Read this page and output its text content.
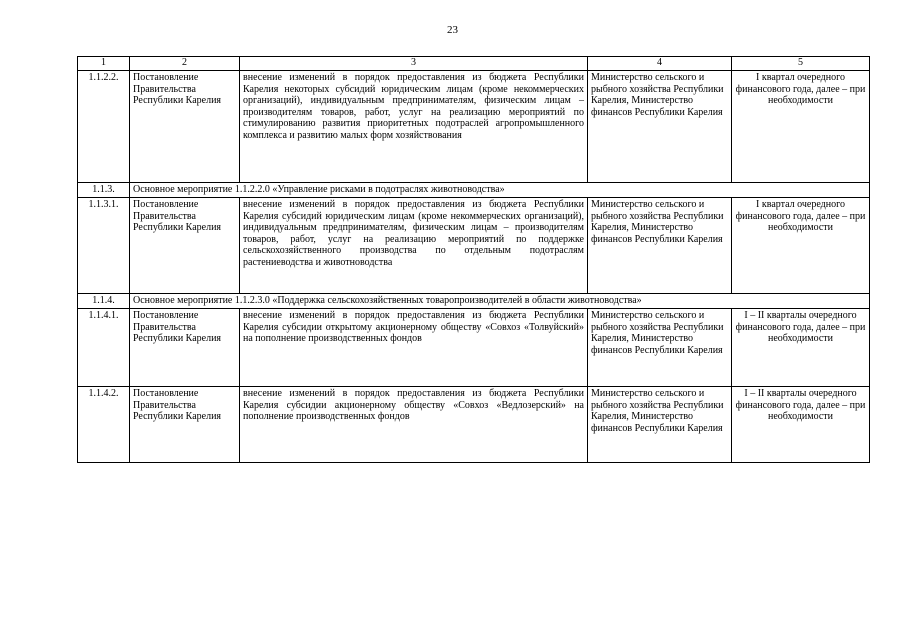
23
1	2	3	4	5
1.1.2.2.	Постановление Правительства Республики Карелия	внесение изменений в порядок предоставления из бюджета Республики Карелия некоторых субсидий юридическим лицам (кроме некоммерческих организаций), индивидуальным предпринимателям, физическим лицам – производителям товаров, работ, услуг на реализацию мероприятий по стимулированию развития приоритетных подотраслей агропромышленного комплекса и развитию малых форм хозяйствования	Министерство сельского и рыбного хозяйства Республики Карелия, Министерство финансов Республики Карелия	I квартал очередного финансового года, далее – при необходимости
1.1.3.	Основное мероприятие 1.1.2.2.0 «Управление рисками в подотраслях животноводства»			
1.1.3.1.	Постановление Правительства Республики Карелия	внесение изменений в порядок предоставления из бюджета Республики Карелия субсидий юридическим лицам (кроме некоммерческих организаций), индивидуальным предпринимателям, физическим лицам – производителям товаров, работ, услуг на реализацию мероприятий по поддержке сельскохозяйственного производства по отдельным подотраслям растениеводства и животноводства	Министерство сельского и рыбного хозяйства Республики Карелия, Министерство финансов Республики Карелия	I квартал очередного финансового года, далее – при необходимости
1.1.4.	Основное мероприятие 1.1.2.3.0 «Поддержка сельскохозяйственных товаропроизводителей в области животноводства»			
1.1.4.1.	Постановление Правительства Республики Карелия	внесение изменений в порядок предоставления из бюджета Республики Карелия субсидии открытому акционерному обществу «Совхоз «Толвуйский» на пополнение производственных фондов	Министерство сельского и рыбного хозяйства Республики Карелия, Министерство финансов Республики Карелия	I – II кварталы очередного финансового года, далее – при необходимости
1.1.4.2.	Постановление Правительства Республики Карелия	внесение изменений в порядок предоставления из бюджета Республики Карелия субсидии акционерному обществу «Совхоз «Ведлозерский» на пополнение производственных фондов	Министерство сельского и рыбного хозяйства Республики Карелия, Министерство финансов Республики Карелия	I – II кварталы очередного финансового года, далее – при необходимости
